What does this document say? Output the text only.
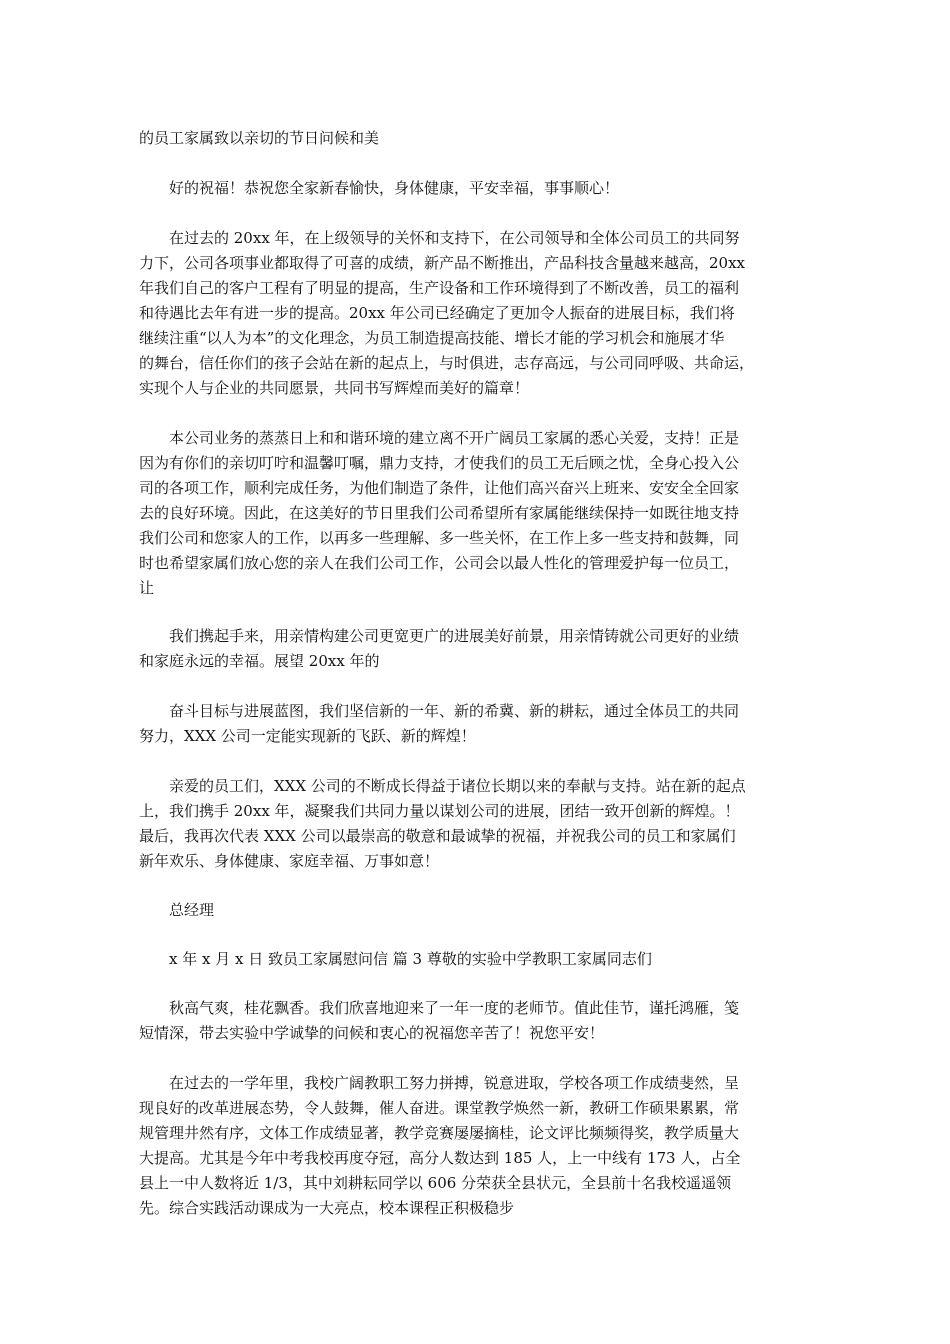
的员工家属致以亲切的节日问候和美
　　好的祝福！恭祝您全家新春愉快，身体健康，平安幸福，事事顺心！
　　在过去的 20xx 年，在上级领导的关怀和支持下，在公司领导和全体公司员工的共同努
力下，公司各项事业都取得了可喜的成绩，新产品不断推出，产品科技含量越来越高，20xx
年我们自己的客户工程有了明显的提高，生产设备和工作环境得到了不断改善，员工的福利
和待遇比去年有进一步的提高。20xx 年公司已经确定了更加令人振奋的进展目标，我们将
继续注重“以人为本”的文化理念，为员工制造提高技能、增长才能的学习机会和施展才华
的舞台，信任你们的孩子会站在新的起点上，与时俱进，志存高远，与公司同呼吸、共命运，
实现个人与企业的共同愿景，共同书写辉煌而美好的篇章！
　　本公司业务的蒸蒸日上和和谐环境的建立离不开广阔员工家属的悉心关爱，支持！正是
因为有你们的亲切叮咛和温馨叮嘱，鼎力支持，才使我们的员工无后顾之忧，全身心投入公
司的各项工作，顺利完成任务，为他们制造了条件，让他们高兴奋兴上班来、安安全全回家
去的良好环境。因此，在这美好的节日里我们公司希望所有家属能继续保持一如既往地支持
我们公司和您家人的工作，以再多一些理解、多一些关怀，在工作上多一些支持和鼓舞，同
时也希望家属们放心您的亲人在我们公司工作，公司会以最人性化的管理爱护每一位员工，
让
　　我们携起手来，用亲情构建公司更宽更广的进展美好前景，用亲情铸就公司更好的业绩
和家庭永远的幸福。展望 20xx 年的
　　奋斗目标与进展蓝图，我们坚信新的一年、新的希冀、新的耕耘，通过全体员工的共同
努力，XXX 公司一定能实现新的飞跃、新的辉煌！
　　亲爱的员工们，XXX 公司的不断成长得益于诸位长期以来的奉献与支持。站在新的起点
上，我们携手 20xx 年，凝聚我们共同力量以谋划公司的进展，团结一致开创新的辉煌。！
最后，我再次代表 XXX 公司以最崇高的敬意和最诚挚的祝福，并祝我公司的员工和家属们
新年欢乐、身体健康、家庭幸福、万事如意！
　　总经理
　　x 年 x 月 x 日 致员工家属慰问信 篇 3 尊敬的实验中学教职工家属同志们
　　秋高气爽，桂花飘香。我们欣喜地迎来了一年一度的老师节。值此佳节，谨托鸿雁，笺
短情深，带去实验中学诚挚的问候和衷心的祝福您辛苦了！祝您平安！
　　在过去的一学年里，我校广阔教职工努力拼搏，锐意进取，学校各项工作成绩斐然，呈
现良好的改革进展态势，令人鼓舞，催人奋进。课堂教学焕然一新，教研工作硕果累累，常
规管理井然有序，文体工作成绩显著，教学竞赛屡屡摘桂，论文评比频频得奖，教学质量大
大提高。尤其是今年中考我校再度夺冠，高分人数达到 185 人，上一中线有 173 人，占全
县上一中人数将近 1/3，其中刘耕耘同学以 606 分荣获全县状元，全县前十名我校遥遥领
先。综合实践活动课成为一大亮点，校本课程正积极稳步
